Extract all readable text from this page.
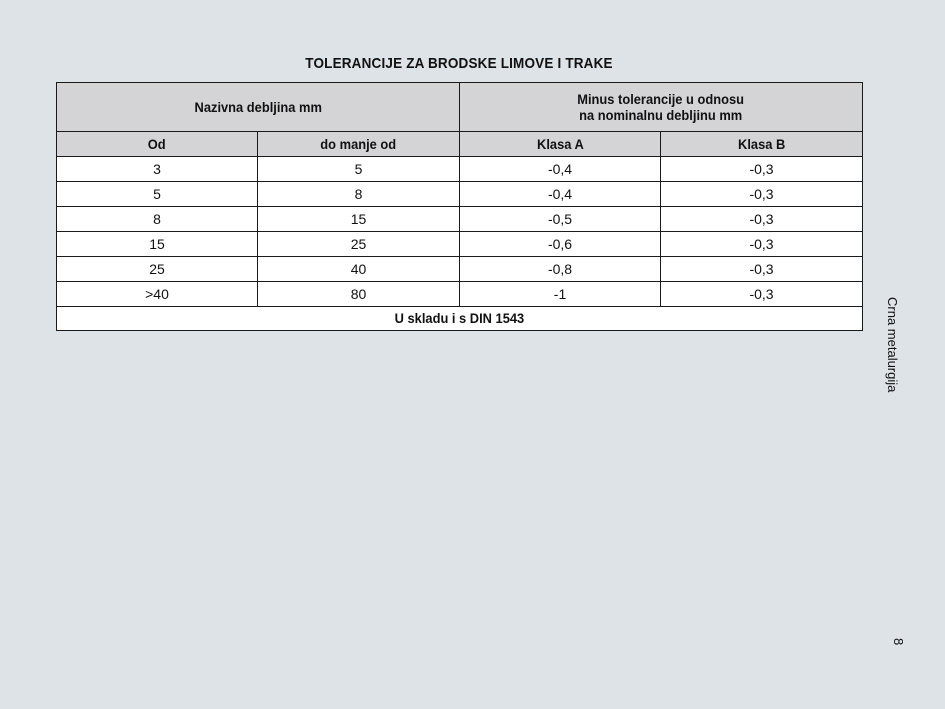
TOLERANCIJE ZA BRODSKE LIMOVE I TRAKE
Nazivna debljina mm		Minus tolerancije u odnosu
na nominalnu debljinu mm	
Od	do manje od	Klasa A	Klasa B
3	5	-0,4	-0,3
5	8	-0,4	-0,3
8	15	-0,5	-0,3
15	25	-0,6	-0,3
25	40	-0,8	-0,3
>40	80	-1	-0,3
U skladu i s DIN 1543				Crna metalurgija
8
